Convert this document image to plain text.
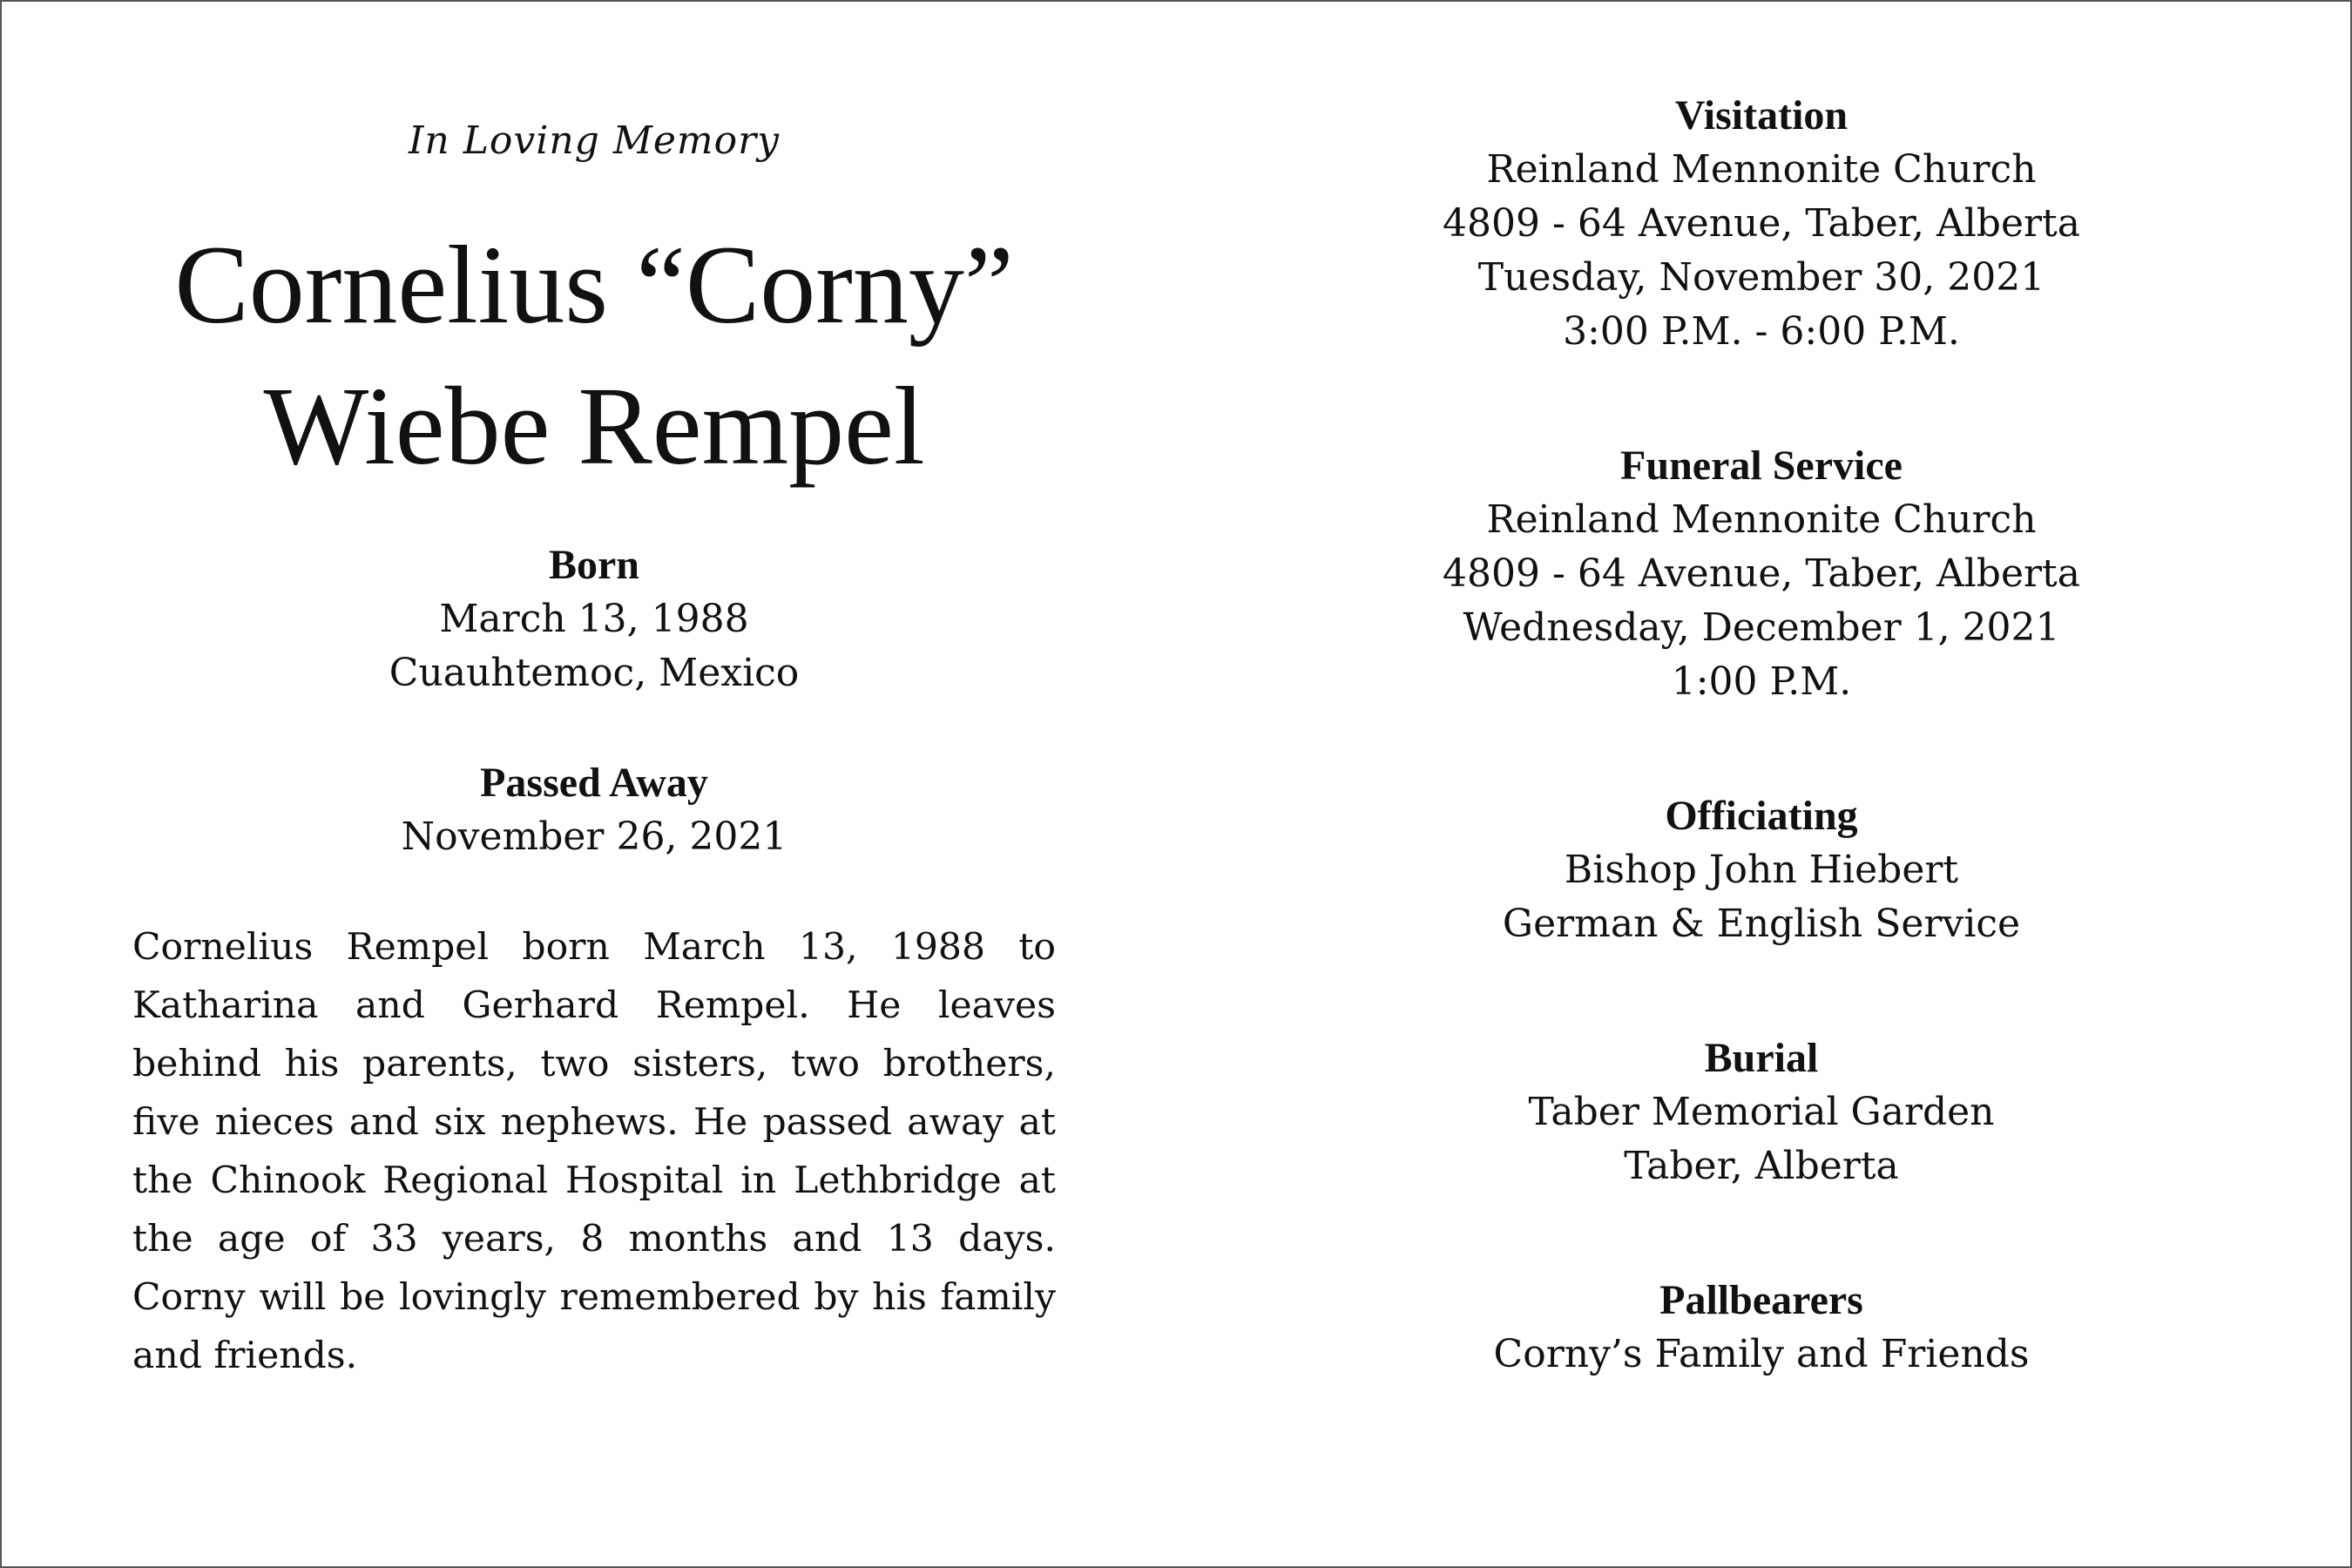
In Loving Memory
Cornelius “Corny”
Wiebe Rempel
Born
March 13, 1988
Cuauhtemoc, Mexico
Passed Away
November 26, 2021
Cornelius Rempel born March 13, 1988 to Katharina and Gerhard Rempel. He leaves behind his parents, two sisters, two brothers, five nieces and six nephews. He passed away at the Chinook Regional Hospital in Lethbridge at the age of 33 years, 8 months and 13 days. Corny will be lovingly remembered by his family and friends.
Visitation
Reinland Mennonite Church
4809 - 64 Avenue, Taber, Alberta
Tuesday, November 30, 2021
3:00 P.M. - 6:00 P.M.
Funeral Service
Reinland Mennonite Church
4809 - 64 Avenue, Taber, Alberta
Wednesday, December 1, 2021
1:00 P.M.
Officiating
Bishop John Hiebert
German & English Service
Burial
Taber Memorial Garden
Taber, Alberta
Pallbearers
Corny’s Family and Friends
